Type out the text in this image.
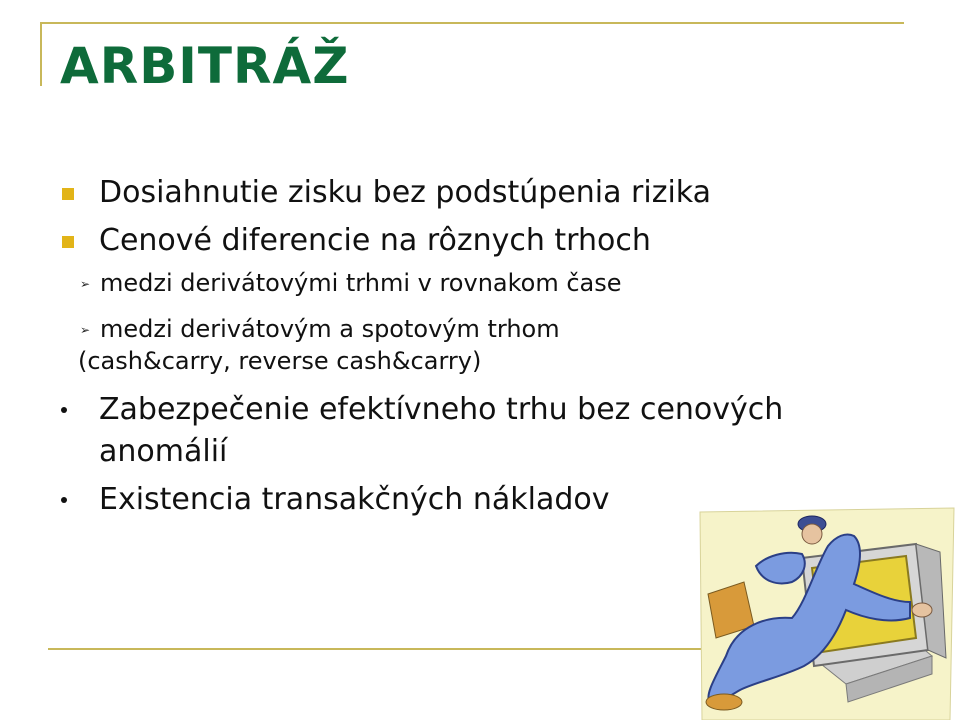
ARBITRÁŽ
Dosiahnutie zisku bez podstúpenia rizika
Cenové diferencie na rôznych trhoch
➢ medzi derivátovými trhmi v rovnakom čase
➢ medzi derivátovým a spotovým trhom
(cash&carry, reverse cash&carry)
Zabezpečenie efektívneho trhu bez cenových anomálií
Existencia transakčných nákladov
